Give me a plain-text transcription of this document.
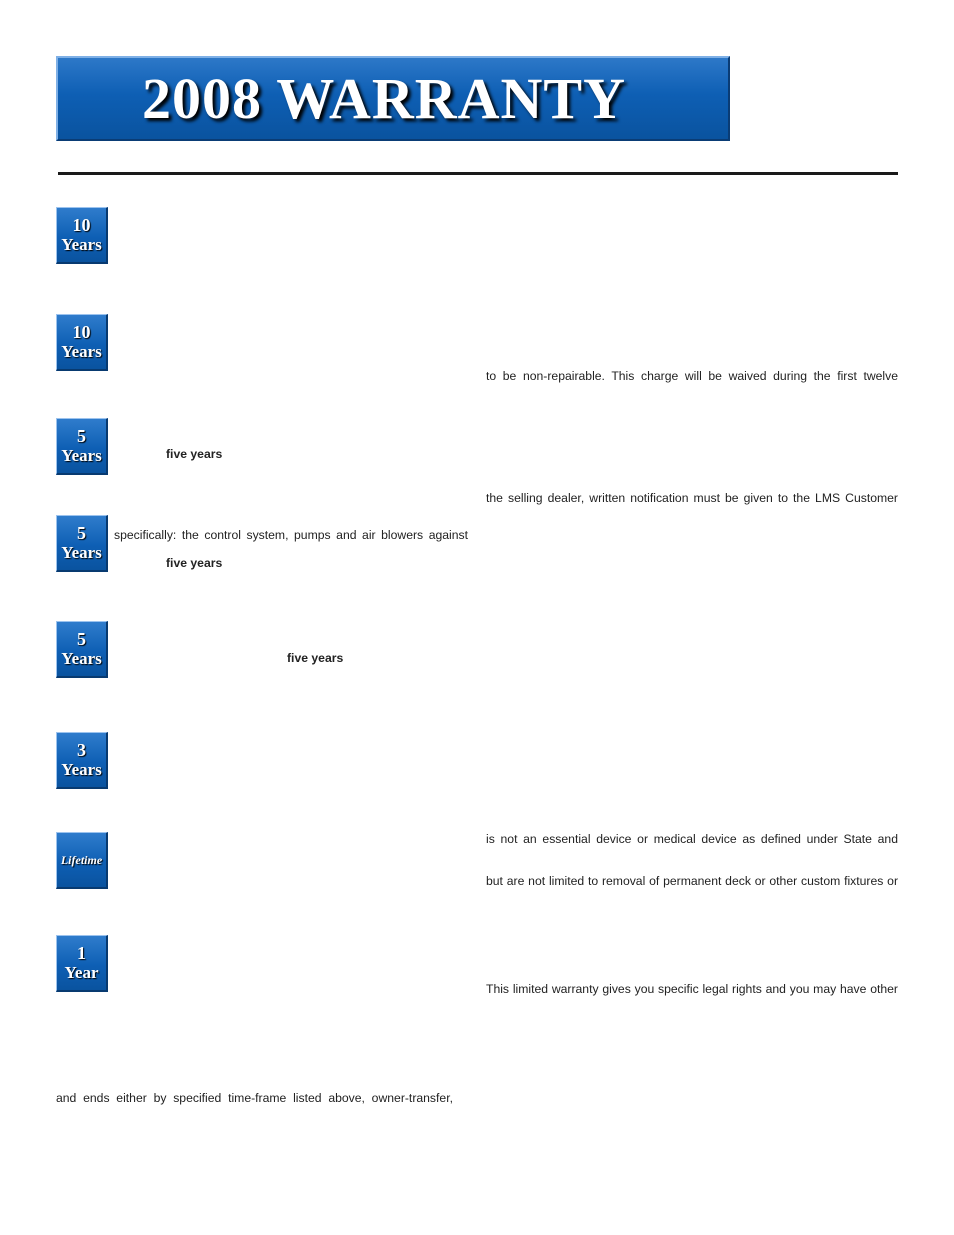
2008 WARRANTY
10
Years
10
Years
5
Years
5
Years
5
Years
3
Years
Lifetime
1
Year
to be non-repairable. This charge will be waived during the first twelve
five years
the selling dealer, written notification must be given to the LMS Customer
specifically: the control system, pumps and air blowers against
five years
five years
is not an essential device or medical device as defined under State and
but are not limited to removal of permanent deck or other custom fixtures or
This limited warranty gives you specific legal rights and you may have other
and  ends  either  by  specified  time-frame  listed  above,  owner-transfer,
